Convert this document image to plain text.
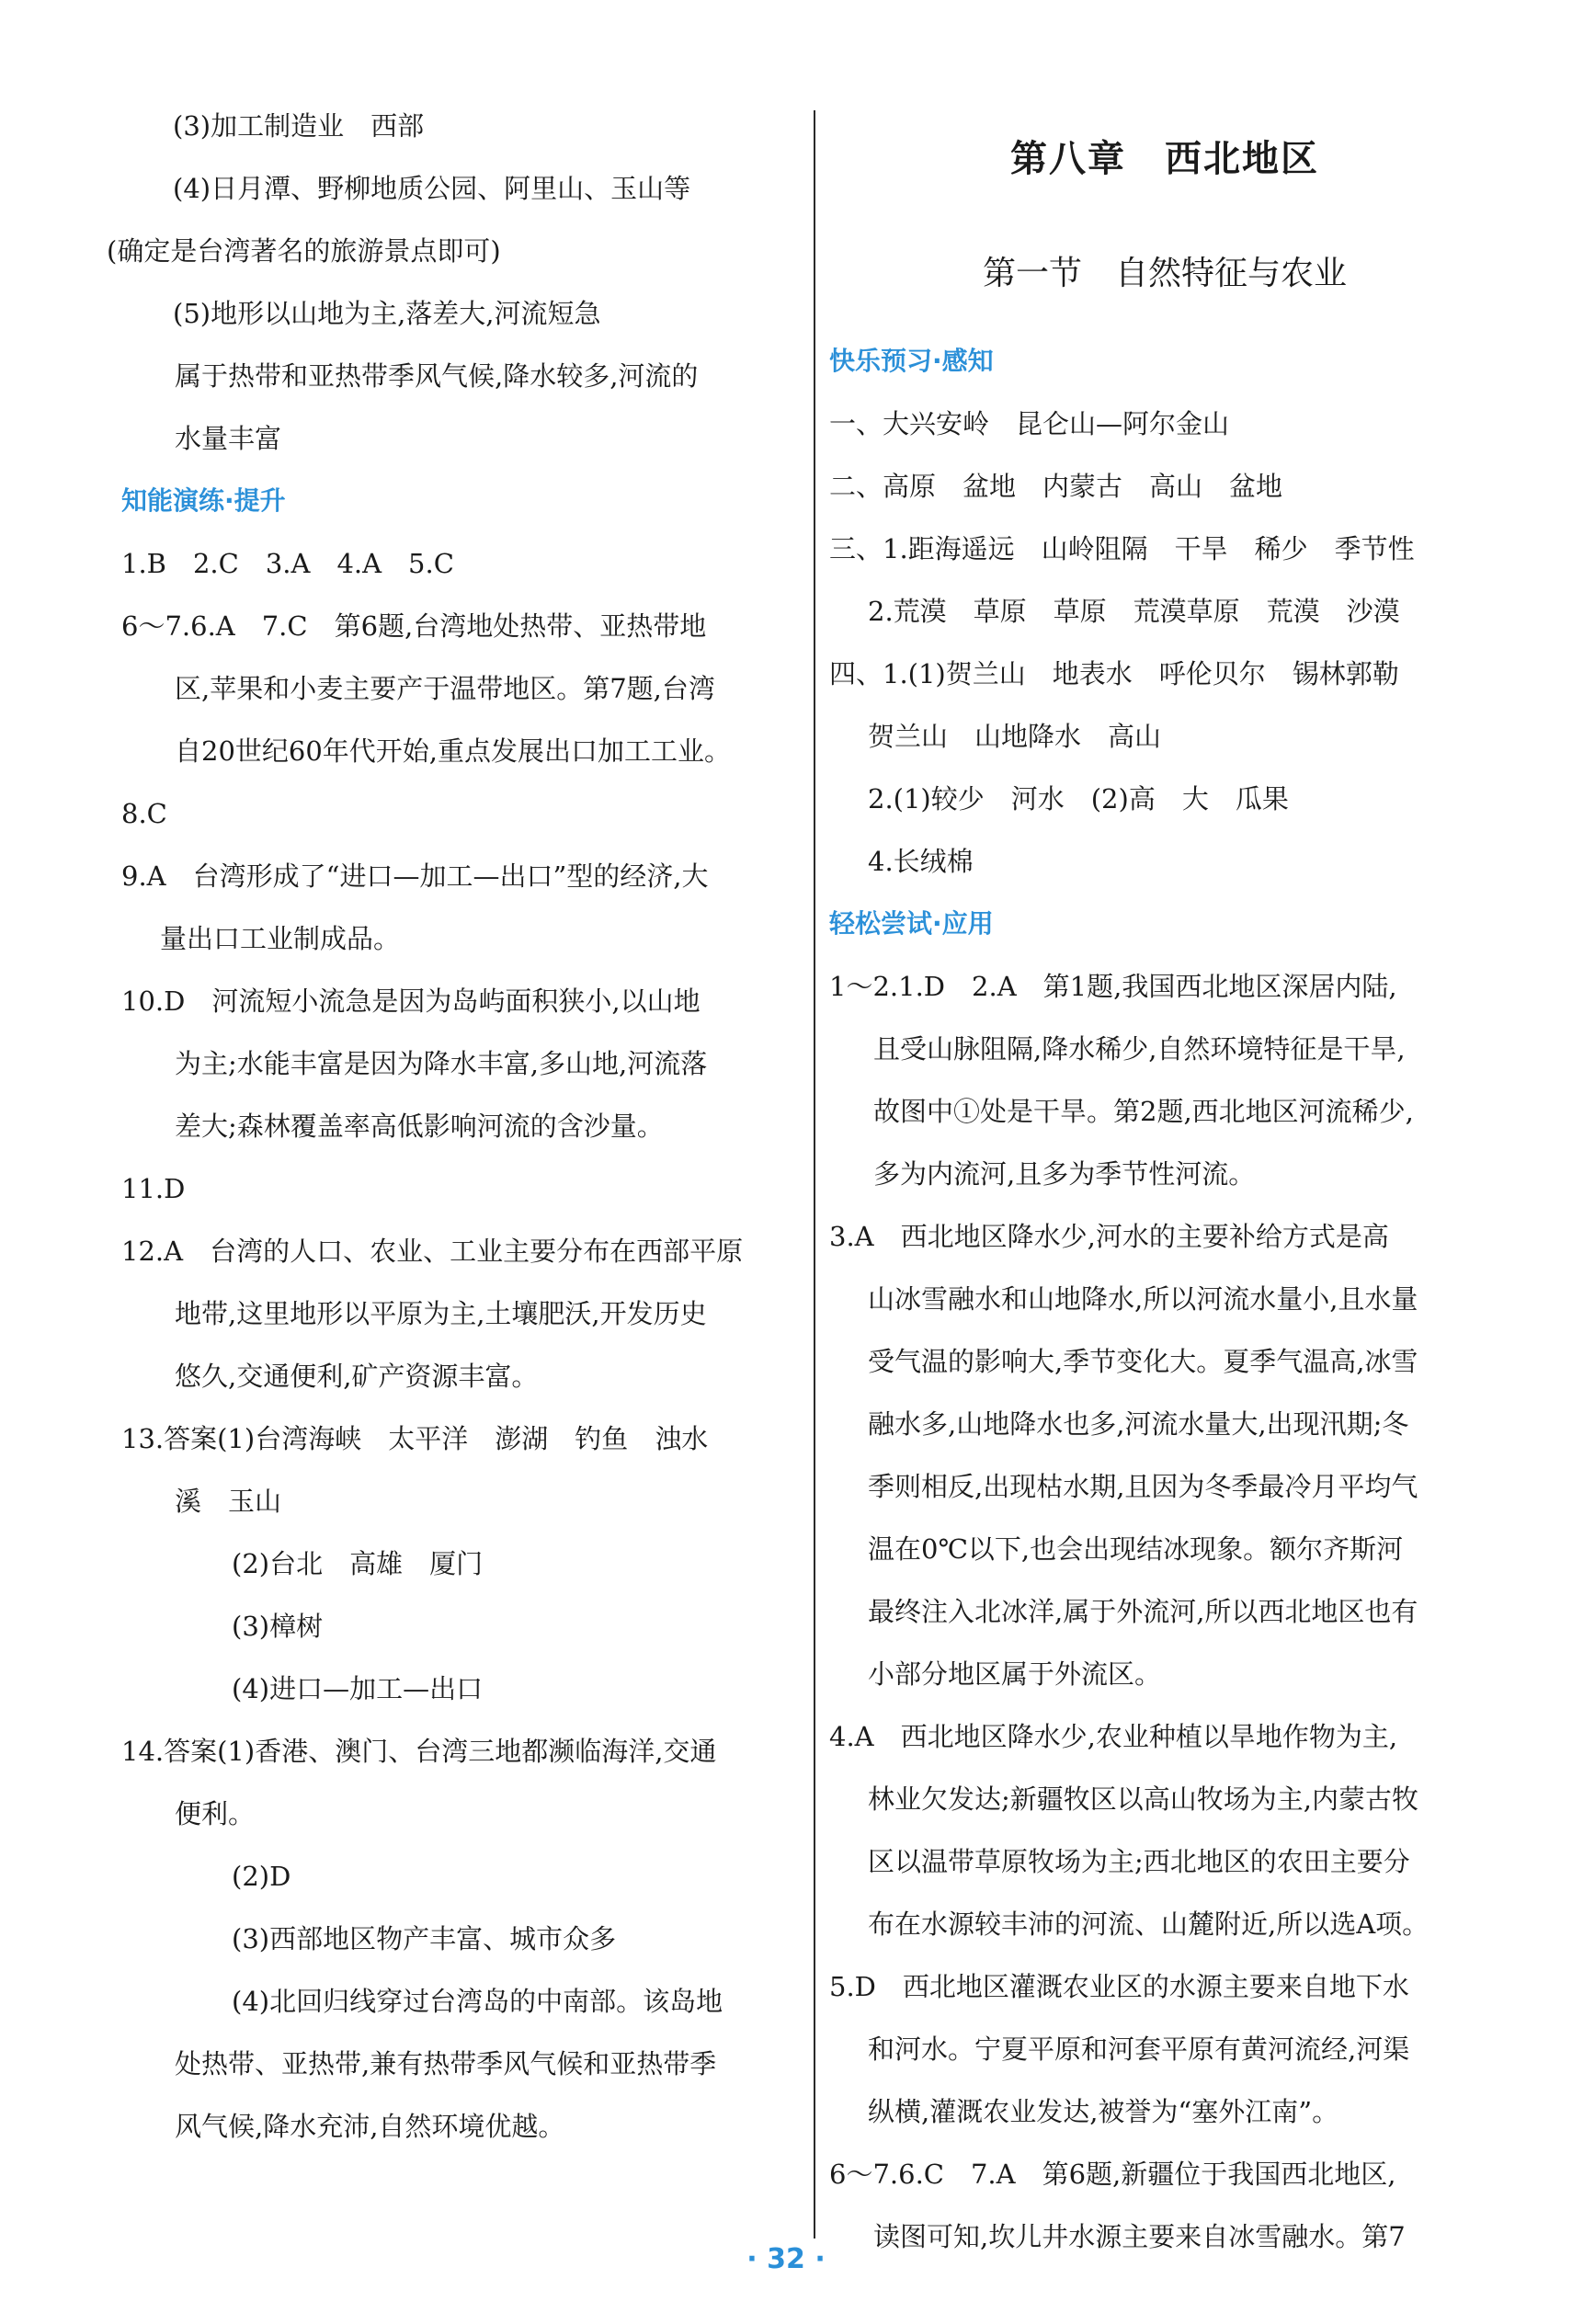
(3)加工制造业　西部
(4)日月潭、野柳地质公园、阿里山、玉山等
(确定是台湾著名的旅游景点即可)
(5)地形以山地为主,落差大,河流短急
属于热带和亚热带季风气候,降水较多,河流的
水量丰富
知能演练·提升
1.B　2.C　3.A　4.A　5.C
6～7.6.A　7.C　第6题,台湾地处热带、亚热带地
区,苹果和小麦主要产于温带地区。第7题,台湾
自20世纪60年代开始,重点发展出口加工工业。
8.C
9.A　台湾形成了“进口—加工—出口”型的经济,大
量出口工业制成品。
10.D　河流短小流急是因为岛屿面积狭小,以山地
为主;水能丰富是因为降水丰富,多山地,河流落
差大;森林覆盖率高低影响河流的含沙量。
11.D
12.A　台湾的人口、农业、工业主要分布在西部平原
地带,这里地形以平原为主,土壤肥沃,开发历史
悠久,交通便利,矿产资源丰富。
13.答案(1)台湾海峡　太平洋　澎湖　钓鱼　浊水
溪　玉山
(2)台北　高雄　厦门
(3)樟树
(4)进口—加工—出口
14.答案(1)香港、澳门、台湾三地都濒临海洋,交通
便利。
(2)D
(3)西部地区物产丰富、城市众多
(4)北回归线穿过台湾岛的中南部。该岛地
处热带、亚热带,兼有热带季风气候和亚热带季
风气候,降水充沛,自然环境优越。
第八章　西北地区
第一节　自然特征与农业
快乐预习·感知
一、大兴安岭　昆仑山—阿尔金山
二、高原　盆地　内蒙古　高山　盆地
三、1.距海遥远　山岭阻隔　干旱　稀少　季节性
2.荒漠　草原　草原　荒漠草原　荒漠　沙漠
四、1.(1)贺兰山　地表水　呼伦贝尔　锡林郭勒
贺兰山　山地降水　高山
2.(1)较少　河水　(2)高　大　瓜果
4.长绒棉
轻松尝试·应用
1～2.1.D　2.A　第1题,我国西北地区深居内陆,
且受山脉阻隔,降水稀少,自然环境特征是干旱,
故图中①处是干旱。第2题,西北地区河流稀少,
多为内流河,且多为季节性河流。
3.A　西北地区降水少,河水的主要补给方式是高
山冰雪融水和山地降水,所以河流水量小,且水量
受气温的影响大,季节变化大。夏季气温高,冰雪
融水多,山地降水也多,河流水量大,出现汛期;冬
季则相反,出现枯水期,且因为冬季最冷月平均气
温在0℃以下,也会出现结冰现象。额尔齐斯河
最终注入北冰洋,属于外流河,所以西北地区也有
小部分地区属于外流区。
4.A　西北地区降水少,农业种植以旱地作物为主,
林业欠发达;新疆牧区以高山牧场为主,内蒙古牧
区以温带草原牧场为主;西北地区的农田主要分
布在水源较丰沛的河流、山麓附近,所以选A项。
5.D　西北地区灌溉农业区的水源主要来自地下水
和河水。宁夏平原和河套平原有黄河流经,河渠
纵横,灌溉农业发达,被誉为“塞外江南”。
6～7.6.C　7.A　第6题,新疆位于我国西北地区,
读图可知,坎儿井水源主要来自冰雪融水。第7
· 32 ·
